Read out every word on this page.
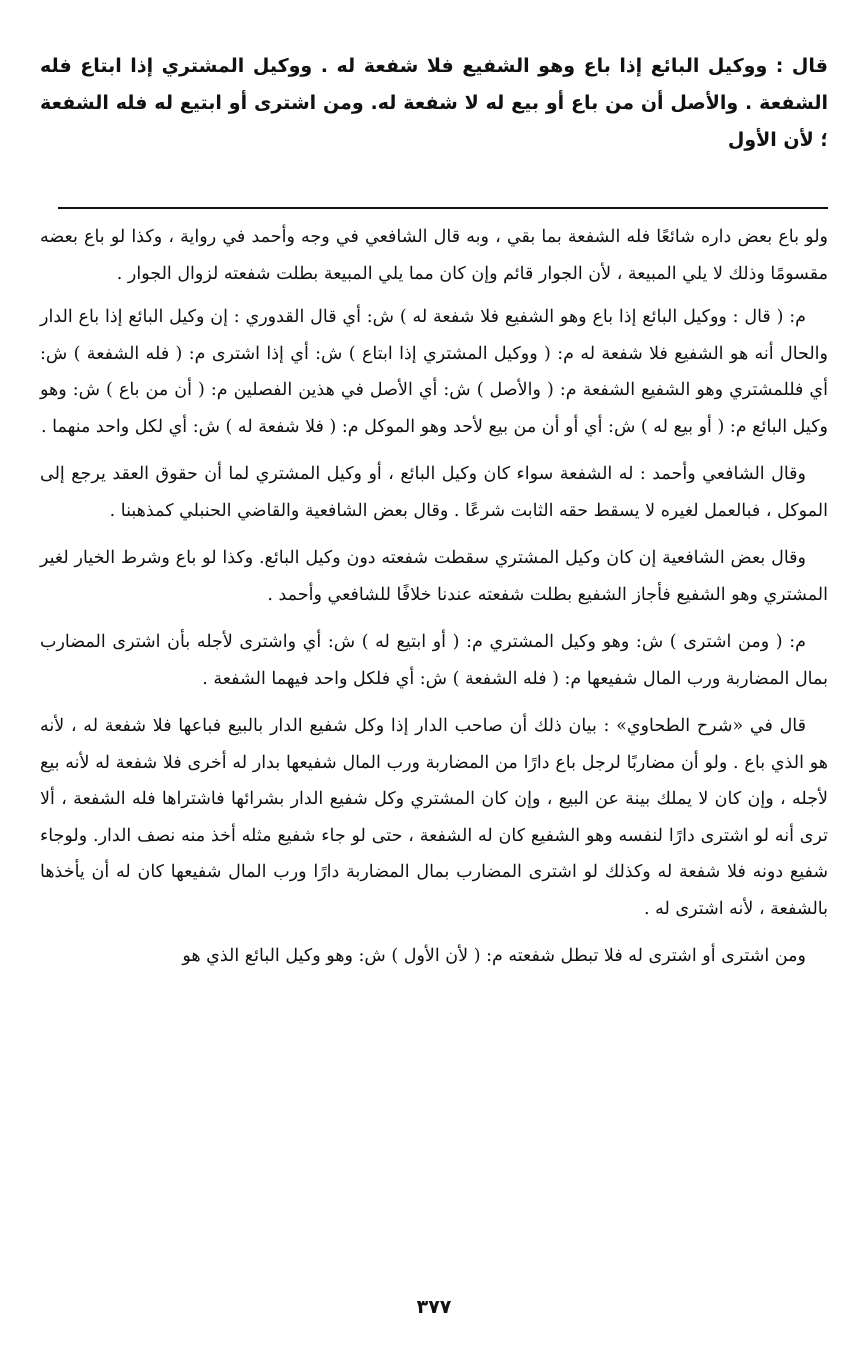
قال : ووكيل البائع إذا باع وهو الشفيع فلا شفعة له . ووكيل المشتري إذا ابتاع فله الشفعة . والأصل أن من باع أو بيع له لا شفعة له. ومن اشترى أو ابتيع له فله الشفعة ؛ لأن الأول

ولو باع بعض داره شائعًا فله الشفعة بما بقي ، وبه قال الشافعي في وجه وأحمد في رواية ، وكذا لو باع بعضه مقسومًا وذلك لا يلي المبيعة ، لأن الجوار قائم وإن كان مما يلي المبيعة بطلت شفعته لزوال الجوار .

م: ( قال : ووكيل البائع إذا باع وهو الشفيع فلا شفعة له ) ش: أي قال القدوري : إن وكيل البائع إذا باع الدار والحال أنه هو الشفيع فلا شفعة له م: ( ووكيل المشتري إذا ابتاع ) ش: أي إذا اشترى م: ( فله الشفعة ) ش: أي فللمشتري وهو الشفيع الشفعة م: ( والأصل ) ش: أي الأصل في هذين الفصلين م: ( أن من باع ) ش: وهو وكيل البائع م: ( أو بيع له ) ش: أي أو أن من بيع لأحد وهو الموكل م: ( فلا شفعة له ) ش: أي لكل واحد منهما .

وقال الشافعي وأحمد : له الشفعة سواء كان وكيل البائع ، أو وكيل المشتري لما أن حقوق العقد يرجع إلى الموكل ، فبالعمل لغيره لا يسقط حقه الثابت شرعًا . وقال بعض الشافعية والقاضي الحنبلي كمذهبنا .

وقال بعض الشافعية إن كان وكيل المشتري سقطت شفعته دون وكيل البائع. وكذا لو باع وشرط الخيار لغير المشتري وهو الشفيع فأجاز الشفيع بطلت شفعته عندنا خلافًا للشافعي وأحمد .

م: ( ومن اشترى ) ش: وهو وكيل المشتري م: ( أو ابتيع له ) ش: أي واشترى لأجله بأن اشترى المضارب بمال المضاربة ورب المال شفيعها م: ( فله الشفعة ) ش: أي فلكل واحد فيهما الشفعة .

قال في «شرح الطحاوي» : بيان ذلك أن صاحب الدار إذا وكل شفيع الدار بالبيع فباعها فلا شفعة له ، لأنه هو الذي باع . ولو أن مضاربًا لرجل باع دارًا من المضاربة ورب المال شفيعها بدار له أخرى فلا شفعة له لأنه بيع لأجله ، وإن كان لا يملك بينة عن البيع ، وإن كان المشتري وكل شفيع الدار بشرائها فاشتراها فله الشفعة ، ألا ترى أنه لو اشترى دارًا لنفسه وهو الشفيع كان له الشفعة ، حتى لو جاء شفيع مثله أخذ منه نصف الدار. ولوجاء شفيع دونه فلا شفعة له وكذلك لو اشترى المضارب بمال المضاربة دارًا ورب المال شفيعها كان له أن يأخذها بالشفعة ، لأنه اشترى له .

ومن اشترى أو اشترى له فلا تبطل شفعته م: ( لأن الأول ) ش: وهو وكيل البائع الذي هو

٣٧٧
